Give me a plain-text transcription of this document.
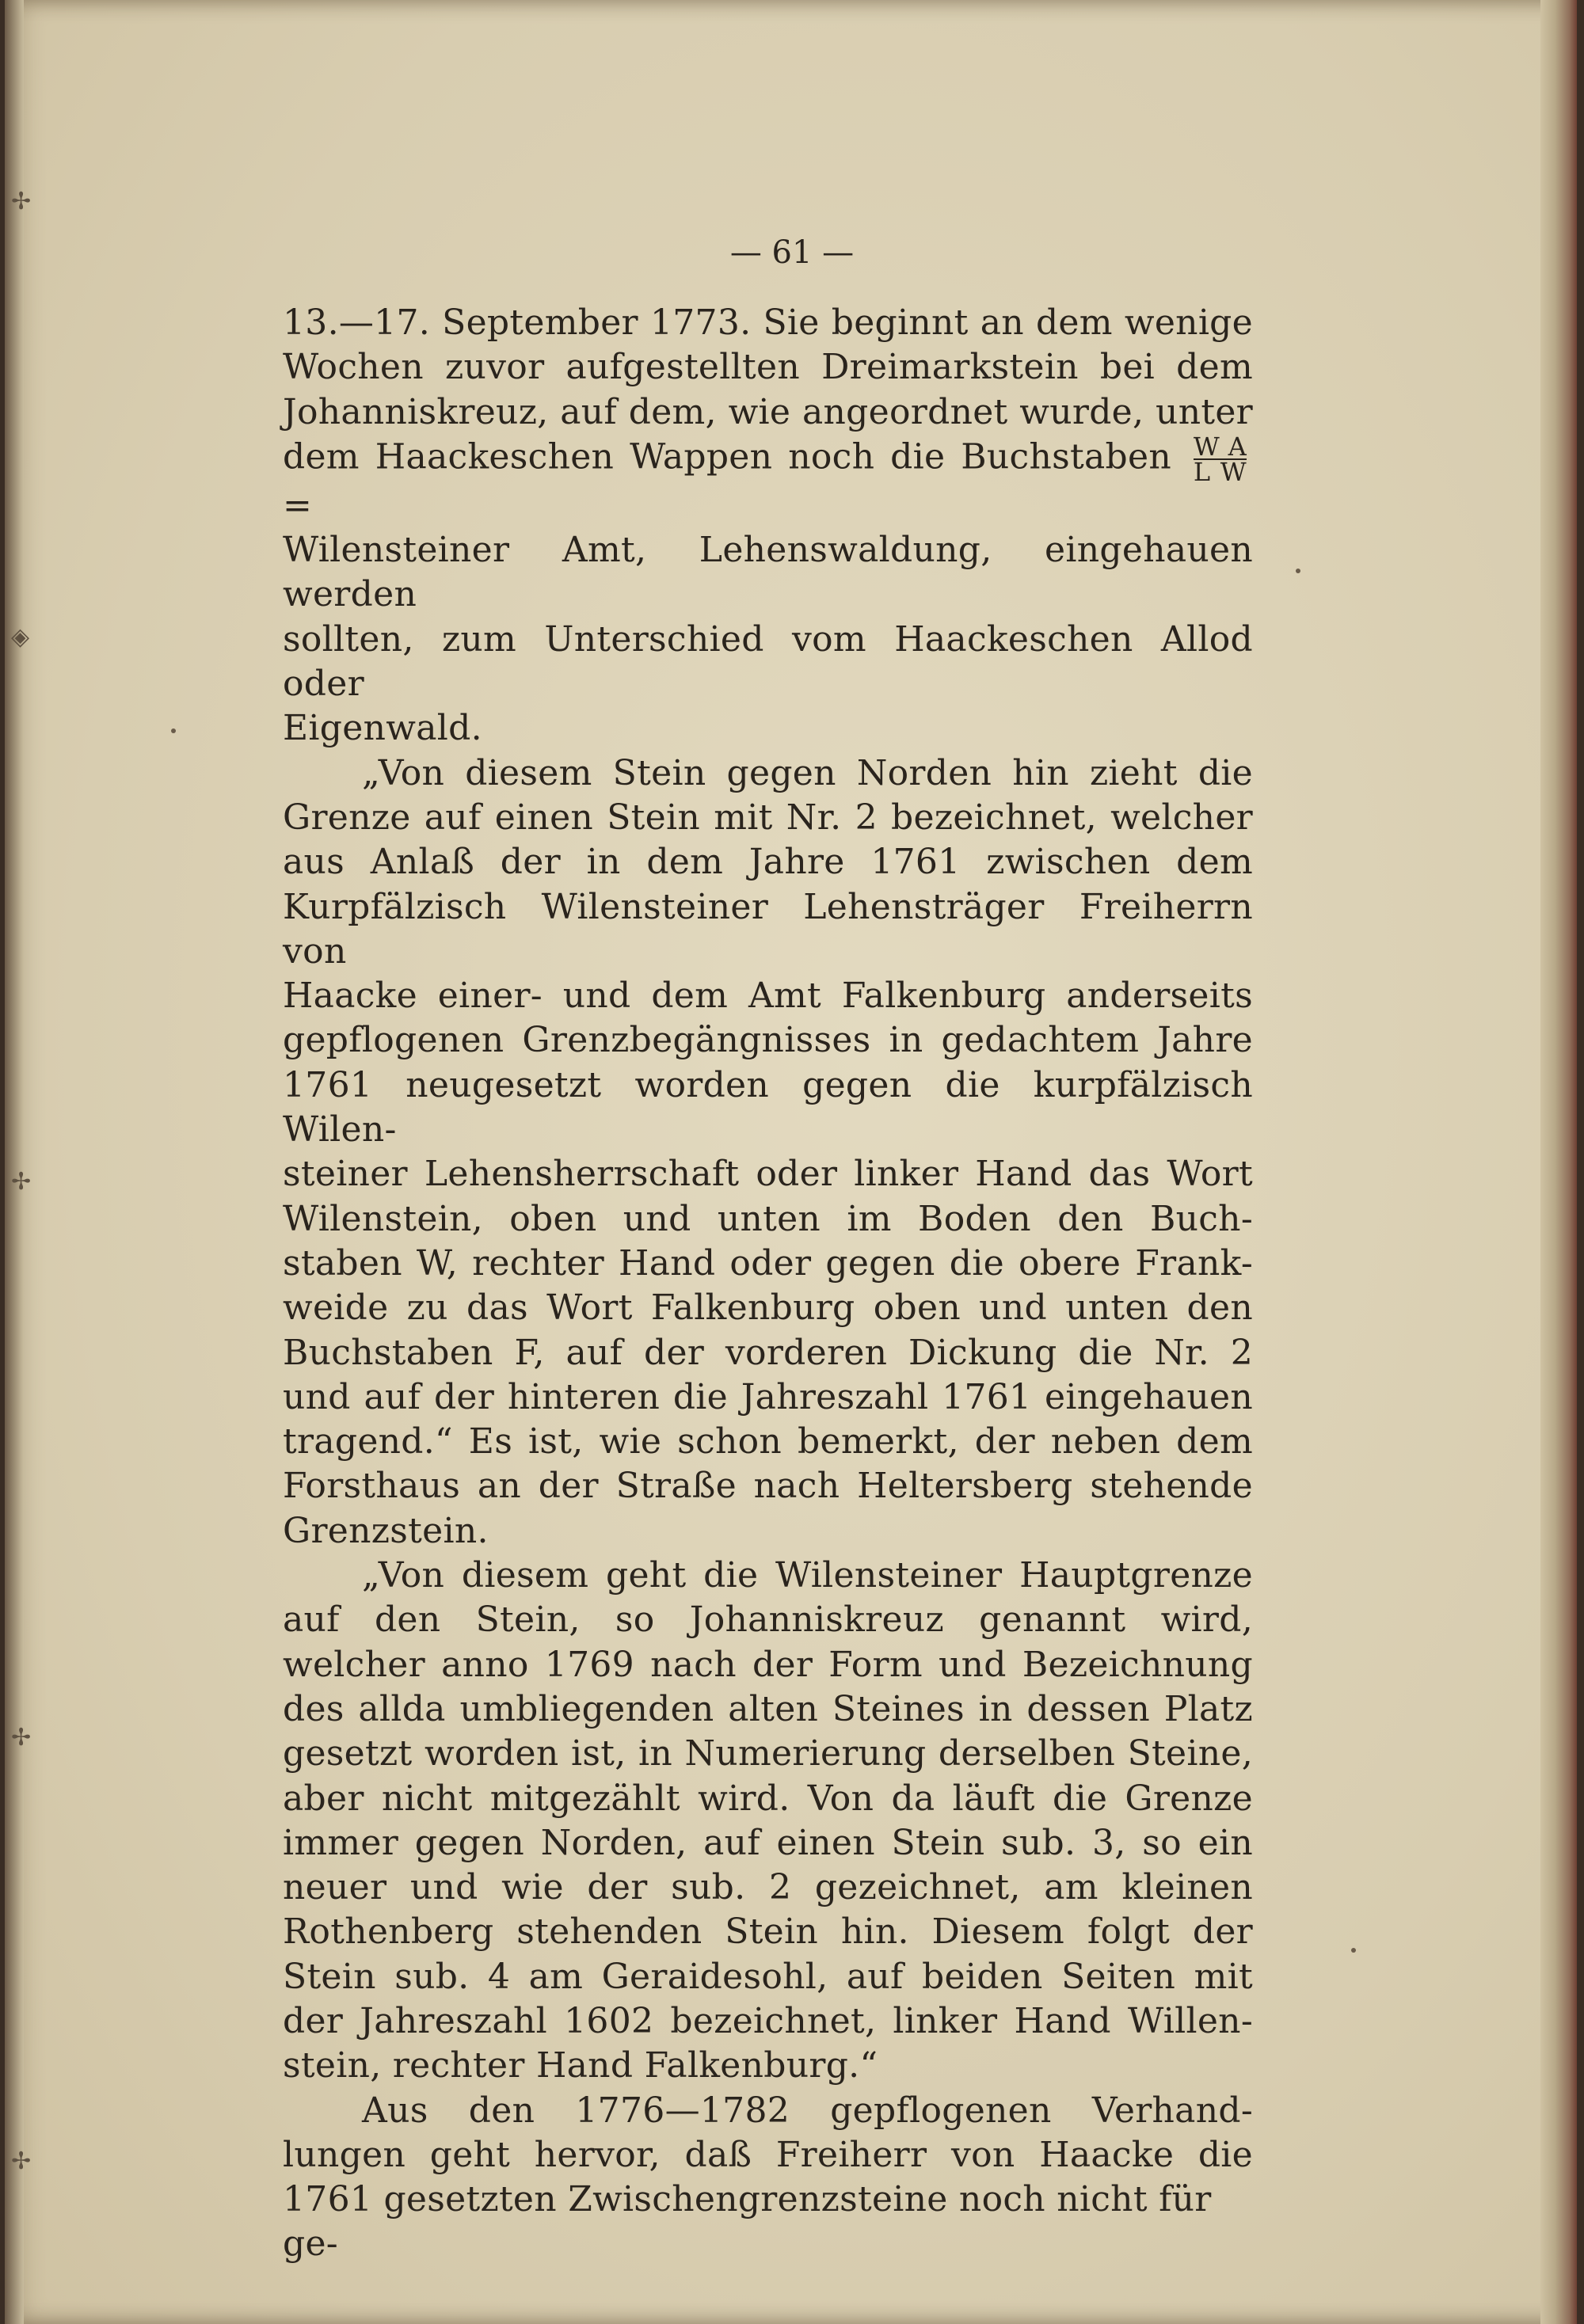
✢
◈
✢
✢
✢
— 61 —

13.—17. September 1773. Sie beginnt an dem wenige
Wochen zuvor aufgestellten Dreimarkstein bei dem
Johanniskreuz, auf dem, wie angeordnet wurde, unter
dem Haackeschen Wappen noch die Buchstaben $\frac{\text{W A}}{\text{L W}}$
=
Wilensteiner Amt, Lehenswaldung, eingehauen werden
sollten, zum Unterschied vom Haackeschen Allod oder
Eigenwald.

„Von diesem Stein gegen Norden hin zieht die
Grenze auf einen Stein mit Nr. 2 bezeichnet, welcher
aus Anlaß der in dem Jahre 1761 zwischen dem
Kurpfälzisch Wilensteiner Lehensträger Freiherrn von
Haacke einer- und dem Amt Falkenburg anderseits
gepflogenen Grenzbegängnisses in gedachtem Jahre
1761 neugesetzt worden gegen die kurpfälzisch Wilen-
steiner Lehensherrschaft oder linker Hand das Wort
Wilenstein, oben und unten im Boden den Buch-
staben W, rechter Hand oder gegen die obere Frank-
weide zu das Wort Falkenburg oben und unten den
Buchstaben F, auf der vorderen Dickung die Nr. 2
und auf der hinteren die Jahreszahl 1761 eingehauen
tragend.“ Es ist, wie schon bemerkt, der neben dem
Forsthaus an der Straße nach Heltersberg stehende
Grenzstein.

„Von diesem geht die Wilensteiner Hauptgrenze
auf den Stein, so Johanniskreuz genannt wird,
welcher anno 1769 nach der Form und Bezeichnung
des allda umbliegenden alten Steines in dessen Platz
gesetzt worden ist, in Numerierung derselben Steine,
aber nicht mitgezählt wird. Von da läuft die Grenze
immer gegen Norden, auf einen Stein sub. 3, so ein
neuer und wie der sub. 2 gezeichnet, am kleinen
Rothenberg stehenden Stein hin. Diesem folgt der
Stein sub. 4 am Geraidesohl, auf beiden Seiten mit
der Jahreszahl 1602 bezeichnet, linker Hand Willen-
stein, rechter Hand Falkenburg.“

Aus den 1776—1782 gepflogenen Verhand-
lungen geht hervor, daß Freiherr von Haacke die
1761 gesetzten Zwischengrenzsteine noch nicht für ge-
